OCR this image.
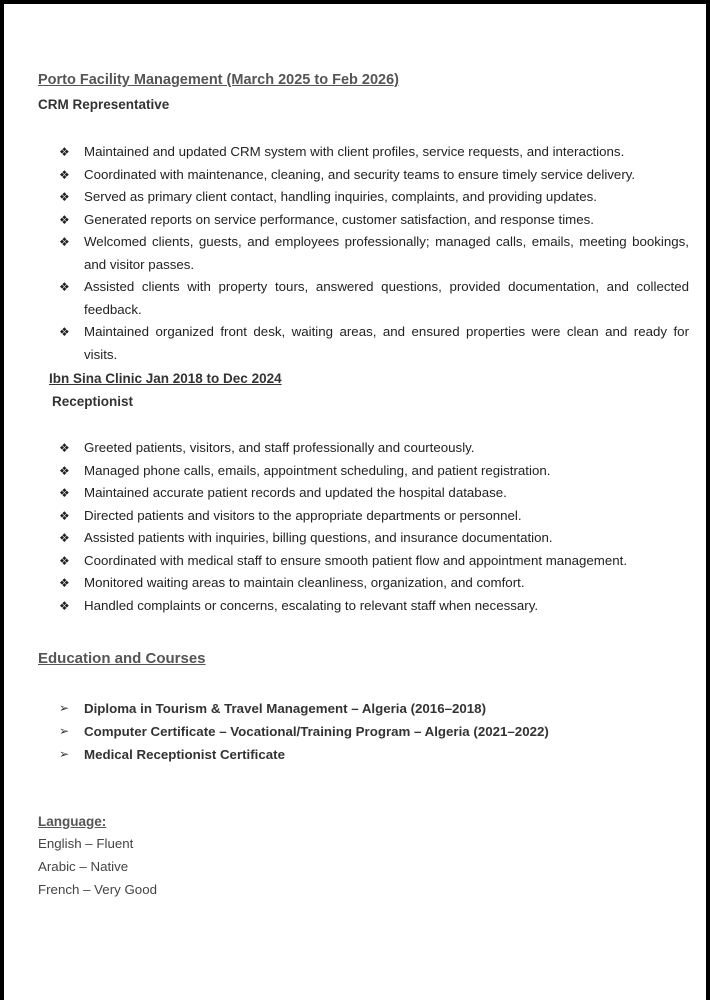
Porto Facility Management (March 2025 to Feb 2026)
CRM Representative
❖ Maintained and updated CRM system with client profiles, service requests, and interactions.
❖ Coordinated with maintenance, cleaning, and security teams to ensure timely service delivery.
❖ Served as primary client contact, handling inquiries, complaints, and providing updates.
❖ Generated reports on service performance, customer satisfaction, and response times.
❖ Welcomed clients, guests, and employees professionally; managed calls, emails, meeting bookings, and visitor passes.
❖ Assisted clients with property tours, answered questions, provided documentation, and collected feedback.
❖ Maintained organized front desk, waiting areas, and ensured properties were clean and ready for visits.
Ibn Sina Clinic Jan 2018 to Dec 2024
Receptionist
❖ Greeted patients, visitors, and staff professionally and courteously.
❖ Managed phone calls, emails, appointment scheduling, and patient registration.
❖ Maintained accurate patient records and updated the hospital database.
❖ Directed patients and visitors to the appropriate departments or personnel.
❖ Assisted patients with inquiries, billing questions, and insurance documentation.
❖ Coordinated with medical staff to ensure smooth patient flow and appointment management.
❖ Monitored waiting areas to maintain cleanliness, organization, and comfort.
❖ Handled complaints or concerns, escalating to relevant staff when necessary.
Education and Courses
➢ Diploma in Tourism & Travel Management – Algeria (2016–2018)
➢ Computer Certificate – Vocational/Training Program – Algeria (2021–2022)
➢ Medical Receptionist Certificate
Language:
English – Fluent
Arabic – Native
French – Very Good
